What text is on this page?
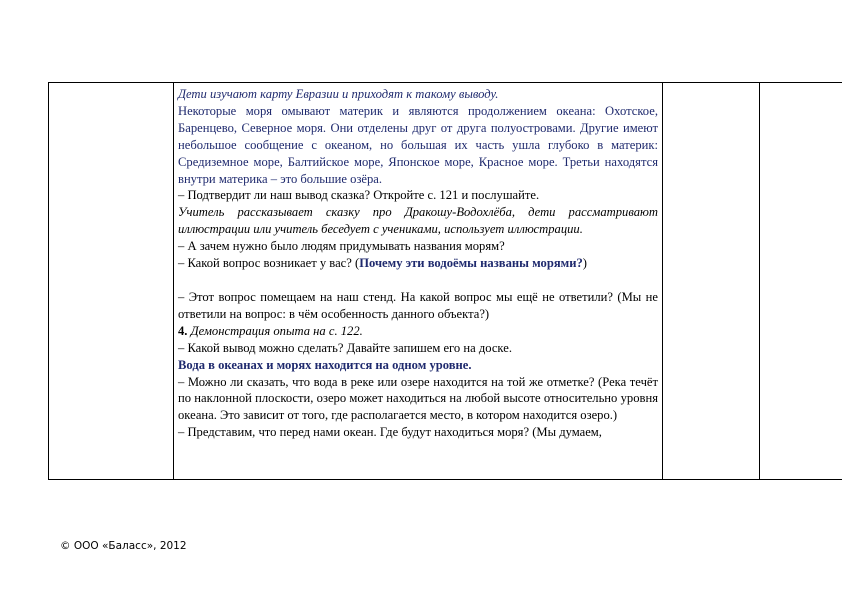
Дети изучают карту Евразии и приходят к такому выводу.

Некоторые моря омывают материк и являются продолжением океана: Охотское, Баренцево, Северное моря. Они отделены друг от друга полуостровами. Другие имеют небольшое сообщение с океаном, но большая их часть ушла глубоко в материк: Средиземное море, Балтийское море, Японское море, Красное море. Третьи находятся внутри материка – это большие озёра.

– Подтвердит ли наш вывод сказка? Откройте с. 121 и послушайте.

Учитель рассказывает сказку про Дракошу-Водохлёба, дети рассматривают иллюстрации или учитель беседует с учениками, использует иллюстрации.

– А зачем нужно было людям придумывать названия морям?

– Какой вопрос возникает у вас? (Почему эти водоёмы названы морями?)

– Этот вопрос помещаем на наш стенд. На какой вопрос мы ещё не ответили? (Мы не ответили на вопрос: в чём особенность данного объекта?)

4. Демонстрация опыта на с. 122.

– Какой вывод можно сделать? Давайте запишем его на доске.

Вода в океанах и морях находится на одном уровне.

– Можно ли сказать, что вода в реке или озере находится на той же отметке? (Река течёт по наклонной плоскости, озеро может находиться на любой высоте относительно уровня океана. Это зависит от того, где располагается место, в котором находится озеро.)

– Представим, что перед нами океан. Где будут находиться моря? (Мы думаем,

© ООО «Баласс», 2012
